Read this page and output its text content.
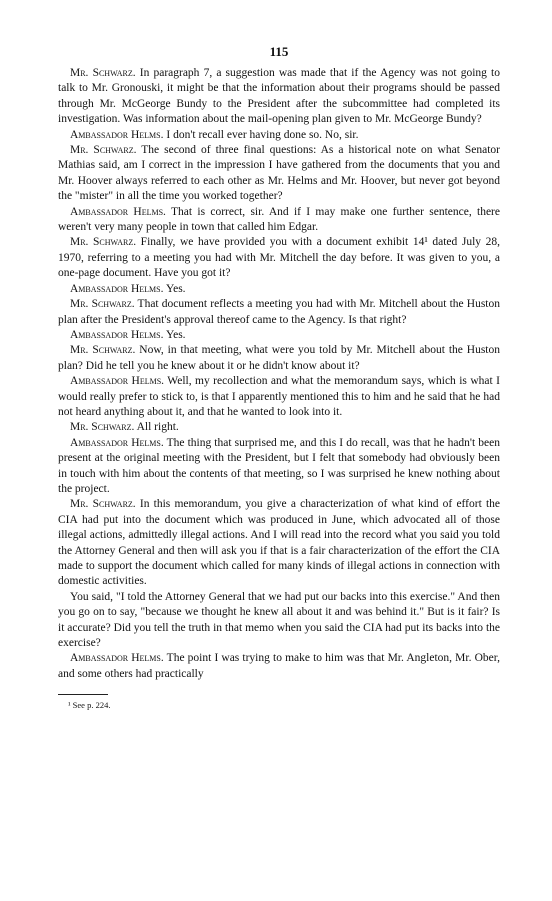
115

Mr. Schwarz. In paragraph 7, a suggestion was made that if the Agency was not going to talk to Mr. Gronouski, it might be that the information about their programs should be passed through Mr. McGeorge Bundy to the President after the subcommittee had completed its investigation. Was information about the mail-opening plan given to Mr. McGeorge Bundy?

Ambassador Helms. I don't recall ever having done so. No, sir.

Mr. Schwarz. The second of three final questions: As a historical note on what Senator Mathias said, am I correct in the impression I have gathered from the documents that you and Mr. Hoover always referred to each other as Mr. Helms and Mr. Hoover, but never got beyond the "mister" in all the time you worked together?

Ambassador Helms. That is correct, sir. And if I may make one further sentence, there weren't very many people in town that called him Edgar.

Mr. Schwarz. Finally, we have provided you with a document exhibit 14¹ dated July 28, 1970, referring to a meeting you had with Mr. Mitchell the day before. It was given to you, a one-page document. Have you got it?

Ambassador Helms. Yes.

Mr. Schwarz. That document reflects a meeting you had with Mr. Mitchell about the Huston plan after the President's approval thereof came to the Agency. Is that right?

Ambassador Helms. Yes.

Mr. Schwarz. Now, in that meeting, what were you told by Mr. Mitchell about the Huston plan? Did he tell you he knew about it or he didn't know about it?

Ambassador Helms. Well, my recollection and what the memorandum says, which is what I would really prefer to stick to, is that I apparently mentioned this to him and he said that he had not heard anything about it, and that he wanted to look into it.

Mr. Schwarz. All right.

Ambassador Helms. The thing that surprised me, and this I do recall, was that he hadn't been present at the original meeting with the President, but I felt that somebody had obviously been in touch with him about the contents of that meeting, so I was surprised he knew nothing about the project.

Mr. Schwarz. In this memorandum, you give a characterization of what kind of effort the CIA had put into the document which was produced in June, which advocated all of those illegal actions, admittedly illegal actions. And I will read into the record what you said you told the Attorney General and then will ask you if that is a fair characterization of the effort the CIA made to support the document which called for many kinds of illegal actions in connection with domestic activities.

You said, "I told the Attorney General that we had put our backs into this exercise." And then you go on to say, "because we thought he knew all about it and was behind it." But is it fair? Is it accurate? Did you tell the truth in that memo when you said the CIA had put its backs into the exercise?

Ambassador Helms. The point I was trying to make to him was that Mr. Angleton, Mr. Ober, and some others had practically

¹ See p. 224.
